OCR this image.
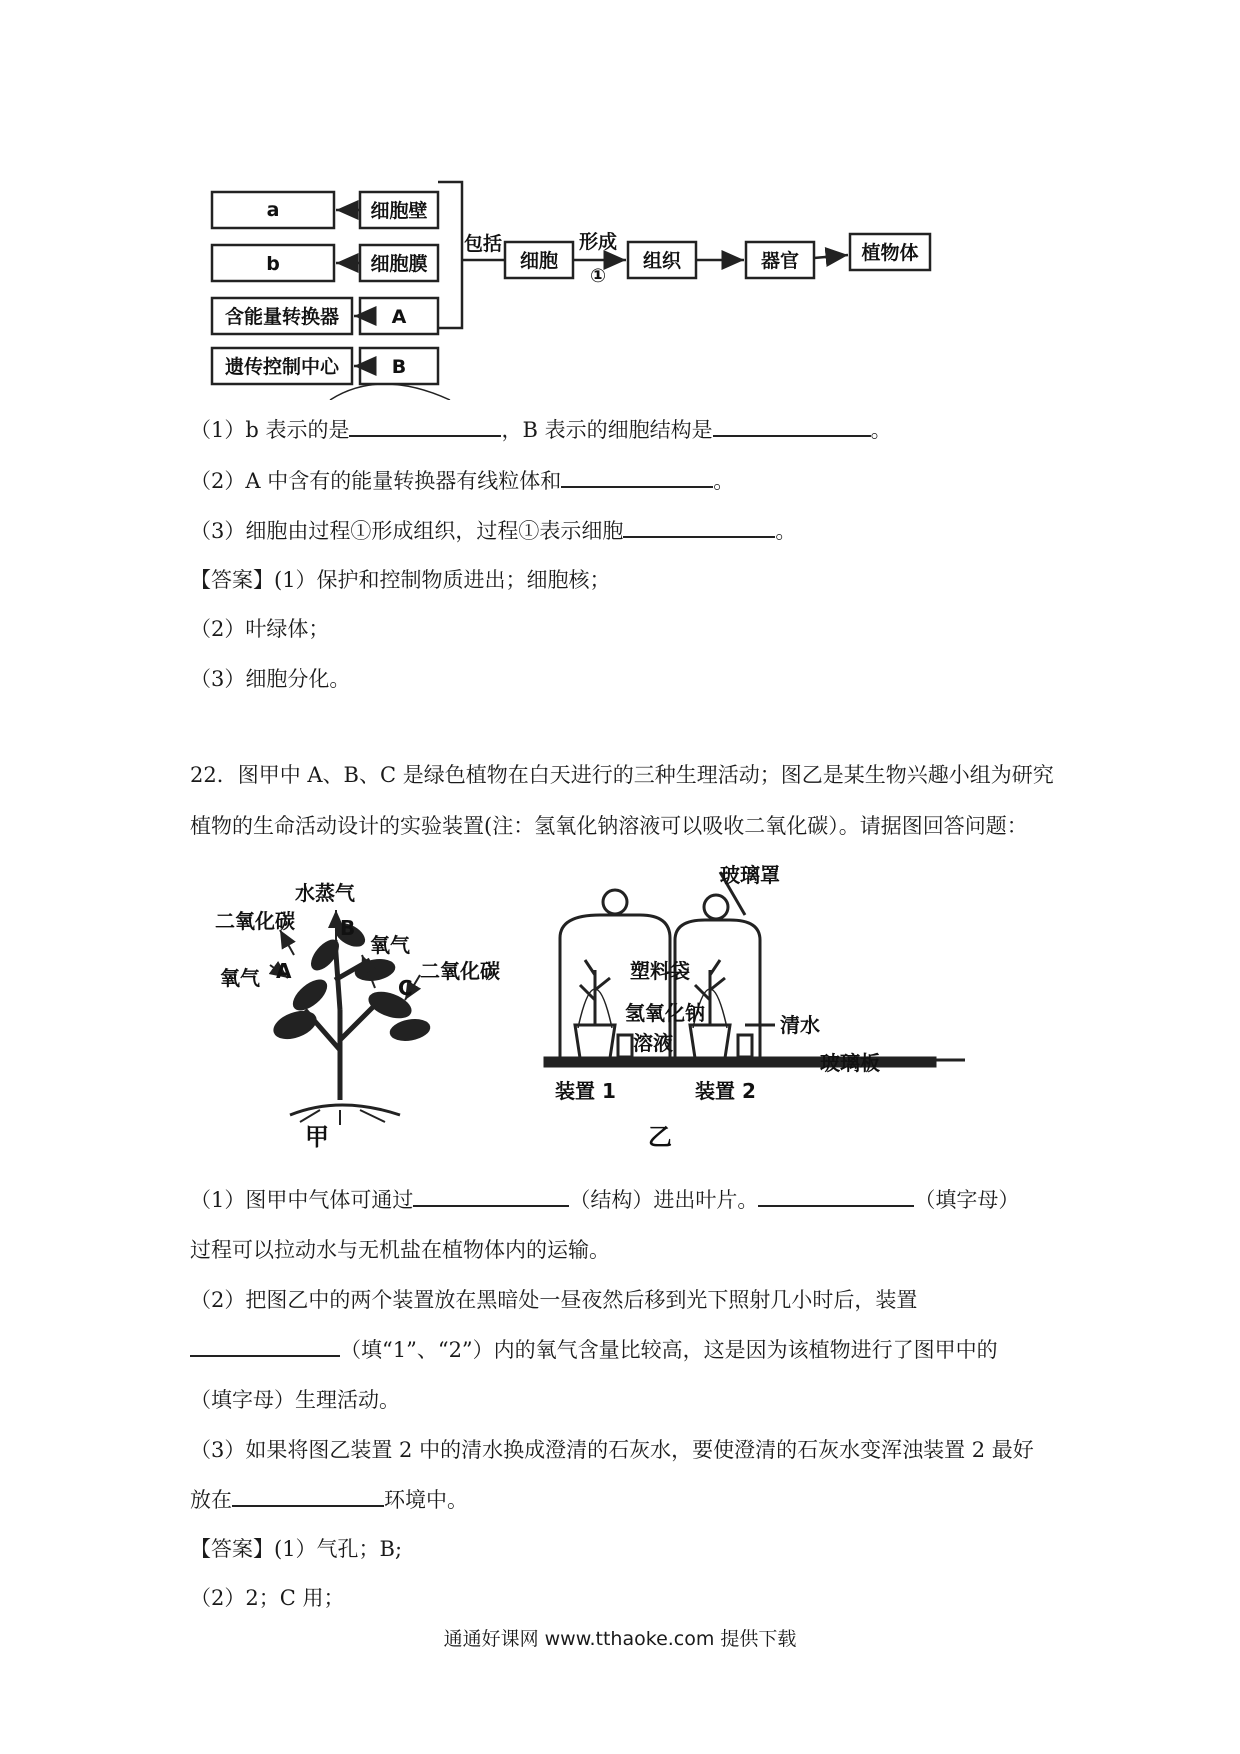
a
b
含能量转换器
遗传控制中心
细胞壁
细胞膜
A
B
包括
细胞
形成
①
组织	器官	植物体
（1）b 表示的是	，B 表示的细胞结构是	。
（2）A 中含有的能量转换器有线粒体和	。
（3）细胞由过程①形成组织，过程①表示细胞	。
【答案】(1）保护和控制物质进出；细胞核；
（2）叶绿体；
（3）细胞分化。
22．图甲中 A、B、C 是绿色植物在白天进行的三种生理活动；图乙是某生物兴趣小组为研究
植物的生命活动设计的实验装置(注：氢氧化钠溶液可以吸收二氧化碳）。请据图回答问题：
水蒸气
二氧化碳
氧气 A
B
氧气
C
二氧化碳
甲
玻璃罩
塑料袋
氢氧化钠
溶液
清水
玻璃板
装置 1	装置 2
乙
（1）图甲中气体可通过	（结构）进出叶片。	（填字母）
过程可以拉动水与无机盐在植物体内的运输。
（2）把图乙中的两个装置放在黑暗处一昼夜然后移到光下照射几小时后，装置
（填“1”、“2”）内的氧气含量比较高，这是因为该植物进行了图甲中的
（填字母）生理活动。
（3）如果将图乙装置 2 中的清水换成澄清的石灰水，要使澄清的石灰水变浑浊装置 2 最好
放在	环境中。
【答案】(1）气孔；B;
（2）2；C 用；
通通好课网 www.tthaoke.com 提供下载
